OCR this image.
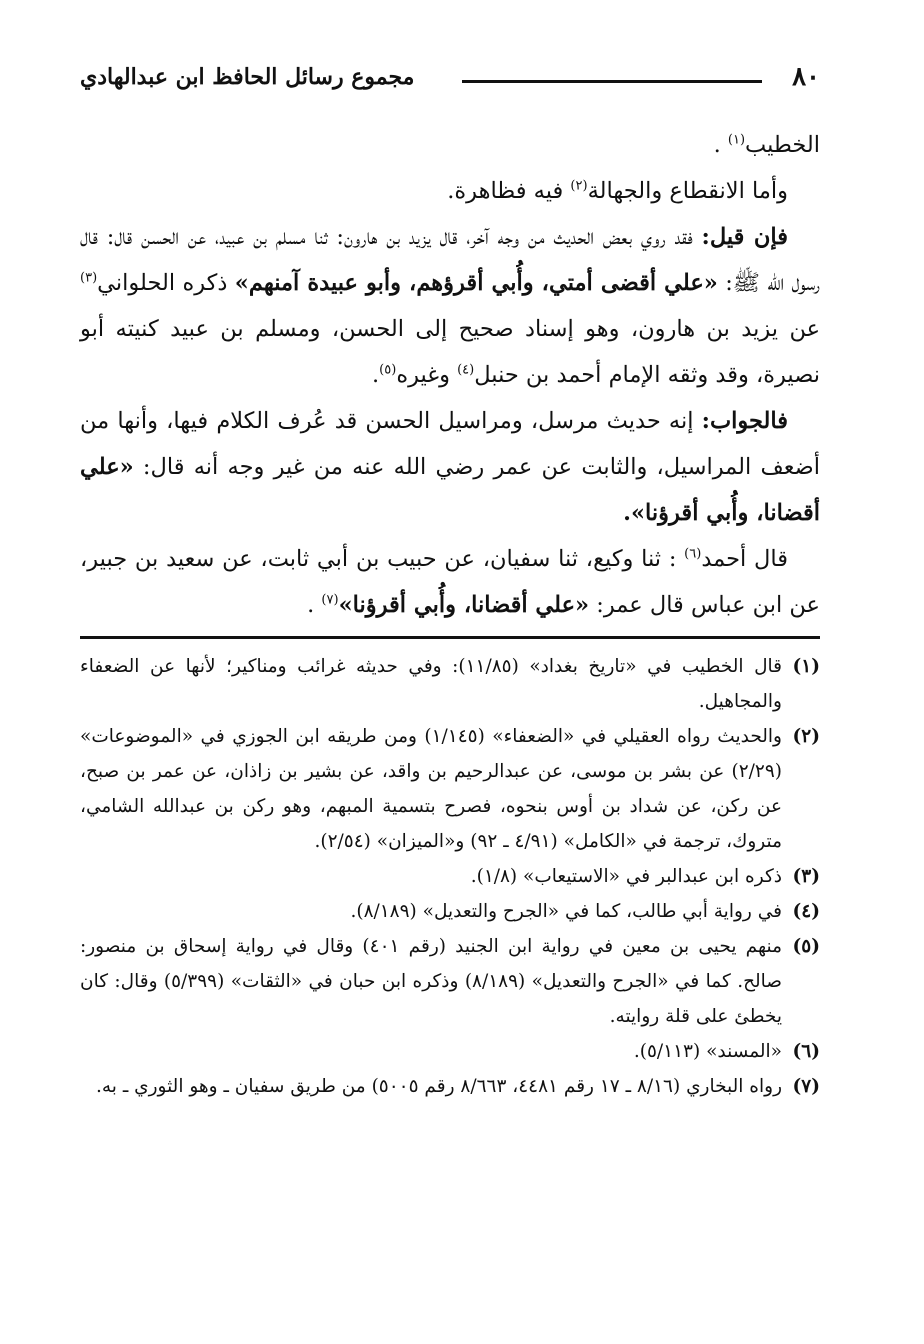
٨٠
مجموع رسائل الحافظ ابن عبدالهادي

الخطيب$^{(١)}$ .

وأما الانقطاع والجهالة$^{(٢)}$ فيه فظاهرة.

فإن قيل: فقد روي بعض الحديث من وجه آخر، قال يزيد بن هارون: ثنا مسلم بن عبيد، عن الحسن قال: قال رسول الله ﷺ: «علي أقضى أمتي، وأُبي أقرؤهم، وأبو عبيدة آمنهم» ذكره الحلواني$^{(٣)}$ عن يزيد بن هارون، وهو إسناد صحيح إلى الحسن، ومسلم بن عبيد كنيته أبو نصيرة، وقد وثقه الإمام أحمد بن حنبل$^{(٤)}$ وغيره$^{(٥)}$.

فالجواب: إنه حديث مرسل، ومراسيل الحسن قد عُرف الكلام فيها، وأنها من أضعف المراسيل، والثابت عن عمر رضي الله عنه من غير وجه أنه قال: «علي أقضانا، وأُبي أقرؤنا».

قال أحمد$^{(٦)}$ : ثنا وكيع، ثنا سفيان، عن حبيب بن أبي ثابت، عن سعيد بن جبير، عن ابن عباس قال عمر: «علي أقضانا، وأُبي أقرؤنا»$^{(٧)}$ .

(١)
قال الخطيب في «تاريخ بغداد» (١١/٨٥): وفي حديثه غرائب ومناكير؛ لأنها عن الضعفاء والمجاهيل.
(٢)
والحديث رواه العقيلي في «الضعفاء» (١/١٤٥) ومن طريقه ابن الجوزي في «الموضوعات» (٢/٢٩) عن بشر بن موسى، عن عبدالرحيم بن واقد، عن بشير بن زاذان، عن عمر بن صبح، عن ركن، عن شداد بن أوس بنحوه، فصرح بتسمية المبهم، وهو ركن بن عبدالله الشامي، متروك، ترجمة في «الكامل» (٤/٩١ ـ ٩٢) و«الميزان» (٢/٥٤).
(٣)
ذكره ابن عبدالبر في «الاستيعاب» (١/٨).
(٤)
في رواية أبي طالب، كما في «الجرح والتعديل» (٨/١٨٩).
(٥)
منهم يحيى بن معين في رواية ابن الجنيد (رقم ٤٠١) وقال في رواية إسحاق بن منصور: صالح. كما في «الجرح والتعديل» (٨/١٨٩) وذكره ابن حبان في «الثقات» (٥/٣٩٩) وقال: كان يخطئ على قلة روايته.
(٦)
«المسند» (٥/١١٣).
(٧)
رواه البخاري (٨/١٦ ـ ١٧ رقم ٤٤٨١، ٨/٦٦٣ رقم ٥٠٠٥) من طريق سفيان ـ وهو الثوري ـ به.
